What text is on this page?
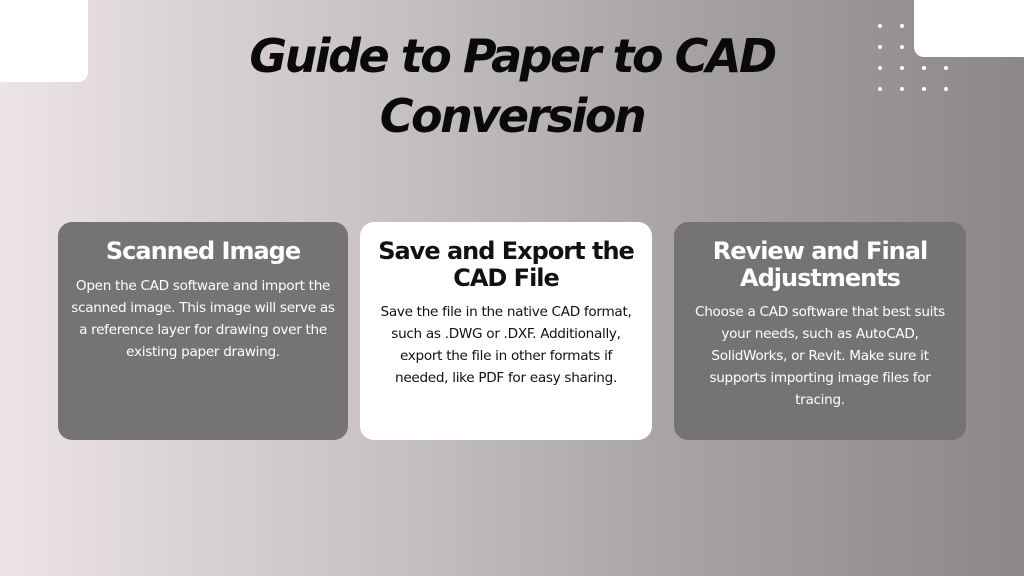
Guide to Paper to CAD Conversion
Scanned Image
Open the CAD software and import the scanned image. This image will serve as a reference layer for drawing over the existing paper drawing.
Save and Export the CAD File
Save the file in the native CAD format, such as .DWG or .DXF. Additionally, export the file in other formats if needed, like PDF for easy sharing.
Review and Final Adjustments
Choose a CAD software that best suits your needs, such as AutoCAD, SolidWorks, or Revit. Make sure it supports importing image files for tracing.
